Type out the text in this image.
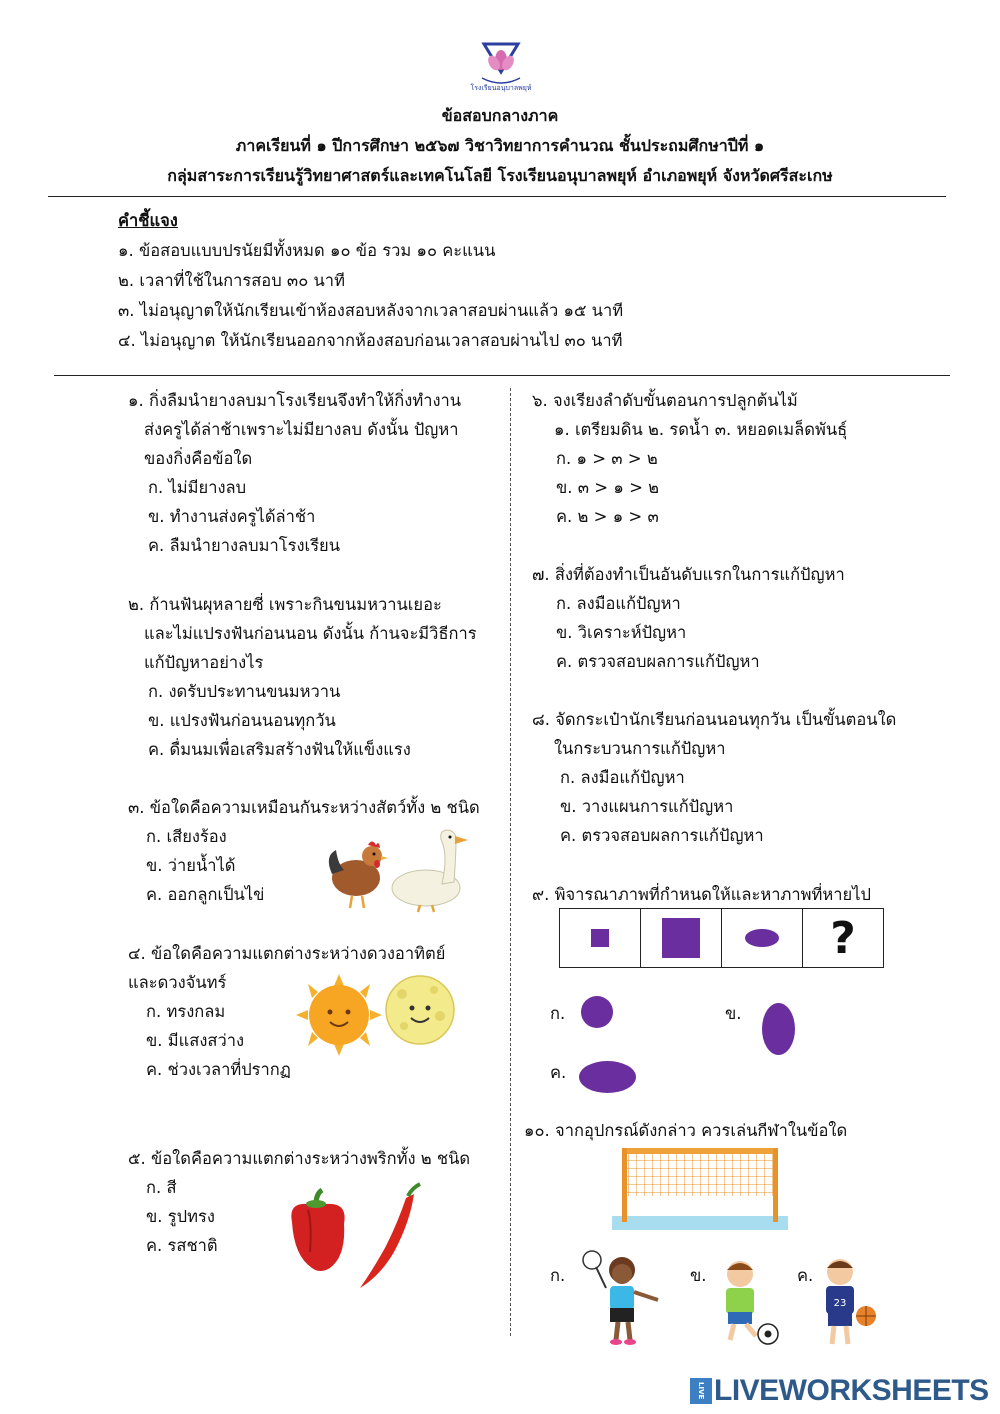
โรงเรียนอนุบาลพยุห์
ข้อสอบกลางภาค
ภาคเรียนที่ ๑ ปีการศึกษา ๒๕๖๗ วิชาวิทยาการคำนวณ ชั้นประถมศึกษาปีที่ ๑
กลุ่มสาระการเรียนรู้วิทยาศาสตร์และเทคโนโลยี โรงเรียนอนุบาลพยุห์ อำเภอพยุห์ จังหวัดศรีสะเกษ
คำชี้แจง
๑. ข้อสอบแบบปรนัยมีทั้งหมด ๑๐ ข้อ รวม ๑๐ คะแนน
๒. เวลาที่ใช้ในการสอบ ๓๐ นาที
๓. ไม่อนุญาตให้นักเรียนเข้าห้องสอบหลังจากเวลาสอบผ่านแล้ว ๑๕ นาที
๔. ไม่อนุญาต ให้นักเรียนออกจากห้องสอบก่อนเวลาสอบผ่านไป ๓๐ นาที
๑. กิ่งลืมนำยางลบมาโรงเรียนจึงทำให้กิ่งทำงาน
ส่งครูได้ล่าช้าเพราะไม่มียางลบ ดังนั้น ปัญหา
ของกิ่งคือข้อใด
ก. ไม่มียางลบ
ข. ทำงานส่งครูได้ล่าช้า
ค. ลืมนำยางลบมาโรงเรียน
๒. ก้านฟันผุหลายซี่ เพราะกินขนมหวานเยอะ
และไม่แปรงฟันก่อนนอน ดังนั้น ก้านจะมีวิธีการ
แก้ปัญหาอย่างไร
ก. งดรับประทานขนมหวาน
ข. แปรงฟันก่อนนอนทุกวัน
ค. ดื่มนมเพื่อเสริมสร้างฟันให้แข็งแรง
๓. ข้อใดคือความเหมือนกันระหว่างสัตว์ทั้ง ๒ ชนิด
ก. เสียงร้อง
ข. ว่ายน้ำได้
ค. ออกลูกเป็นไข่
๔. ข้อใดคือความแตกต่างระหว่างดวงอาทิตย์
และดวงจันทร์
ก. ทรงกลม
ข. มีแสงสว่าง
ค. ช่วงเวลาที่ปรากฏ
๕. ข้อใดคือความแตกต่างระหว่างพริกทั้ง ๒ ชนิด
ก. สี
ข. รูปทรง
ค. รสชาติ
๖. จงเรียงลำดับขั้นตอนการปลูกต้นไม้
๑. เตรียมดิน ๒. รดน้ำ ๓. หยอดเมล็ดพันธุ์
ก. ๑ > ๓ > ๒
ข. ๓ > ๑ > ๒
ค. ๒ > ๑ > ๓
๗. สิ่งที่ต้องทำเป็นอันดับแรกในการแก้ปัญหา
ก. ลงมือแก้ปัญหา
ข. วิเคราะห์ปัญหา
ค. ตรวจสอบผลการแก้ปัญหา
๘. จัดกระเป๋านักเรียนก่อนนอนทุกวัน เป็นขั้นตอนใด
ในกระบวนการแก้ปัญหา
ก. ลงมือแก้ปัญหา
ข. วางแผนการแก้ปัญหา
ค. ตรวจสอบผลการแก้ปัญหา
๙. พิจารณาภาพที่กำหนดให้และหาภาพที่หายไป
?
ก.	ข.
ค.
๑๐. จากอุปกรณ์ดังกล่าว ควรเล่นกีฬาในข้อใด
ก.	ข.	ค.
23
LIVE LIVEWORKSHEETS
